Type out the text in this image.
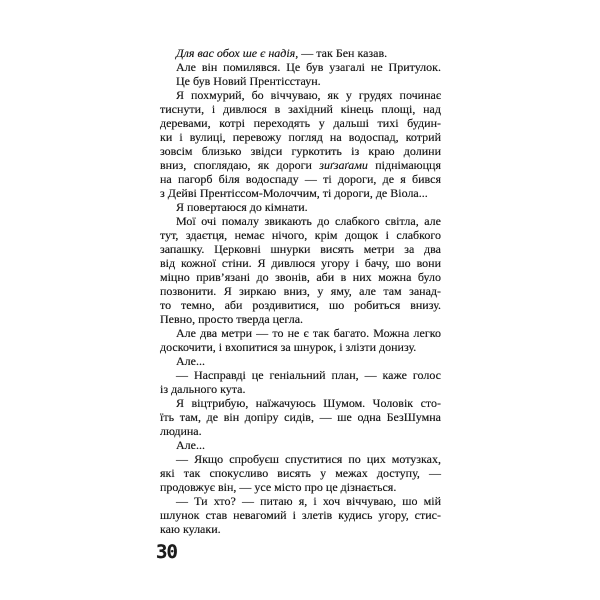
Для вас обох ше є надія, — так Бен казав.
Але він помилявся. Це був узагалі не Притулок.
Це був Новий Прентісстаун.
Я похмурий, бо віччуваю, як у грудях починає
тиснути, і дивлюся в західний кінець площі, над
деревами, котрі переходять у дальші тихі будин-
ки і вулиці, перевожу погляд на водоспад, котрий
зовсім близько звідси гуркотить із краю долини
вниз, споглядаю, як дороги зиґзаґами піднімаюцця
на пагорб біля водоспаду — ті дороги, де я бився
з Дейві Прентіссом-Молоччим, ті дороги, де Віола...
Я повертаюся до кімнати.
Мої очі помалу звикають до слабкого світла, але
тут, здаєтця, немає нічого, крім дощок і слабкого
запашку. Церковні шнурки висять метри за два
від кожної стіни. Я дивлюся угору і бачу, шо вони
міцно прив’язані до звонів, аби в них можна було
позвонити. Я зиркаю вниз, у яму, але там занад-
то темно, аби роздивитися, шо робиться внизу.
Певно, просто тверда цегла.
Але два метри — то не є так багато. Можна легко
доскочити, і вхопитися за шнурок, і злізти донизу.
Але...
— Насправді це геніальний план, — каже голос
із дального кута.
Я віцтрибую, наїжачуюсь Шумом. Чоловік сто-
їть там, де він допіру сидів, — ше одна БезШумна
людина.
Але...
— Якщо спробуєш спуститися по цих мотузках,
які так спокусливо висять у межах доступу, —
продовжує він, — усе місто про це дізнається.
— Ти хто? — питаю я, і хоч віччуваю, шо мій
шлунок став невагомий і злетів кудись угору, стис-
каю кулаки.
30
